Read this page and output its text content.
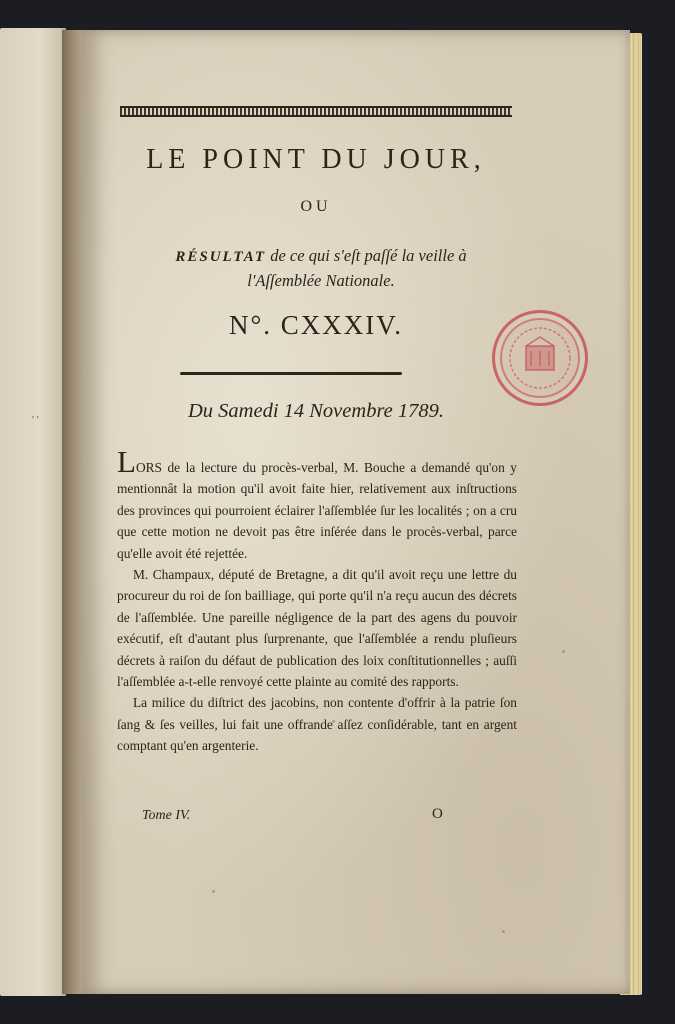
' '
LE POINT DU JOUR,
OU
RÉSULTAT de ce qui s'eſt paſſé la veille à
l'Aſſemblée Nationale.
N°. CXXXIV.
Du Samedi 14 Novembre 1789.

LORS de la lecture du procès-verbal, M. Bouche a demandé qu'on y mentionnât la motion qu'il avoit faite hier, relativement aux inſtructions des provinces qui pourroient éclairer l'aſſemblée ſur les localités ; on a cru que cette motion ne devoit pas être inſérée dans le procès-verbal, parce qu'elle avoit été rejettée.

M. Champaux, député de Bretagne, a dit qu'il avoit reçu une lettre du procureur du roi de ſon bailliage, qui porte qu'il n'a reçu aucun des décrets de l'aſſemblée. Une pareille négligence de la part des agens du pouvoir exécutif, eſt d'autant plus ſurprenante, que l'aſſemblée a rendu pluſieurs décrets à raiſon du défaut de publication des loix conſtitutionnelles ; auſſi l'aſſemblée a-t-elle renvoyé cette plainte au comité des rapports.

La milice du diſtrict des jacobins, non contente d'offrir à la patrie ſon ſang & ſes veilles, lui fait une offrande aſſez conſidérable, tant en argent comptant qu'en argenterie.

Tome IV.	O
